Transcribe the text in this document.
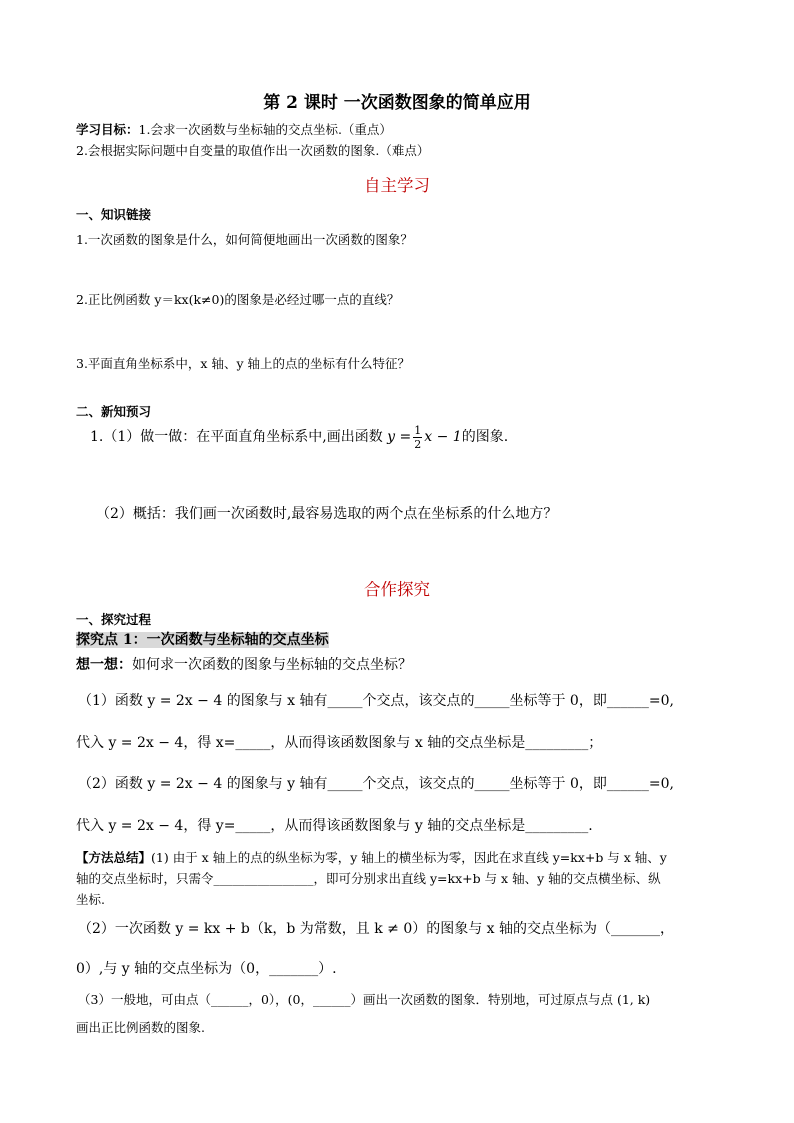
第 2 课时 一次函数图象的简单应用
学习目标：1.会求一次函数与坐标轴的交点坐标.（重点）
2.会根据实际问题中自变量的取值作出一次函数的图象.（难点）
自主学习
一、知识链接
1.一次函数的图象是什么，如何简便地画出一次函数的图象？
2.正比例函数 y＝kx(k≠0)的图象是必经过哪一点的直线？
3.平面直角坐标系中，x 轴、y 轴上的点的坐标有什么特征？
二、新知预习
1.（1）做一做：在平面直角坐标系中,画出函数 $y = \frac{1}{2}$ x − 1的图象.
（2）概括：我们画一次函数时,最容易选取的两个点在坐标系的什么地方？
合作探究
一、探究过程
探究点 1：一次函数与坐标轴的交点坐标
想一想：如何求一次函数的图象与坐标轴的交点坐标？
（1）函数 y = 2x − 4 的图象与 x 轴有_____个交点，该交点的_____坐标等于 0，即______=0,
代入 y = 2x − 4，得 x=_____，从而得该函数图象与 x 轴的交点坐标是_________；
（2）函数 y = 2x − 4 的图象与 y 轴有_____个交点，该交点的_____坐标等于 0，即______=0,
代入 y = 2x − 4，得 y=_____，从而得该函数图象与 y 轴的交点坐标是_________.
【方法总结】(1) 由于 x 轴上的点的纵坐标为零，y 轴上的横坐标为零，因此在求直线 y=kx+b 与 x 轴、y
轴的交点坐标时，只需令________________，即可分别求出直线 y=kx+b 与 x 轴、y 轴的交点横坐标、纵
坐标.
（2）一次函数 y = kx + b（k，b 为常数，且 k ≠ 0）的图象与 x 轴的交点坐标为（_______，
0）,与 y 轴的交点坐标为（0，_______）.
（3）一般地，可由点（______，0），(0，______）画出一次函数的图象．特别地，可过原点与点 (1, k)
画出正比例函数的图象.
